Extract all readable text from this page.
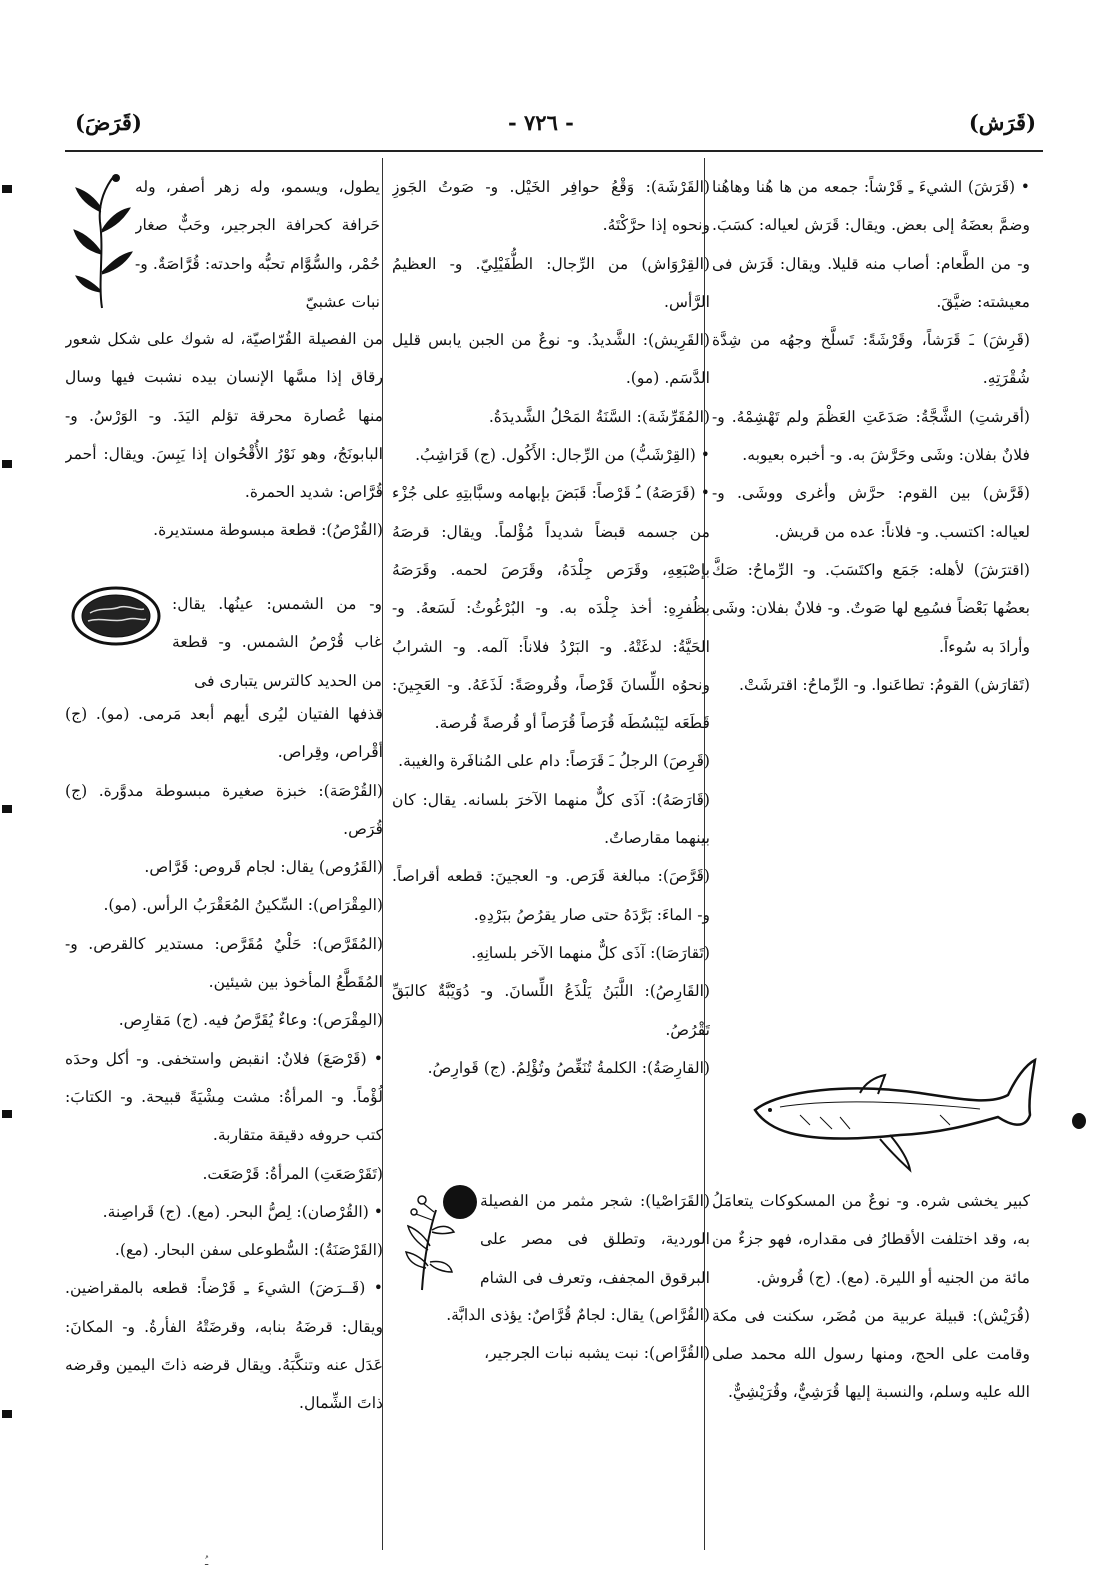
(قَرَش)
- ٧٢٦ -
(قَرَضَ)

• (قَرَشَ) الشيءَ ـِ قَرْشاً: جمعه من ها هُنا وهاهُنا وضمَّ بعضَهُ إلى بعض. ويقال: قَرَش لعياله: كسَبَ. و- من الطَّعام: أصاب منه قليلا. ويقال: قَرَش فى معيشته: ضيَّقَ.

(قَرِشَ) ـَ قَرَشاً، وقَرْشَةً: تَسلَّخ وجهُه من شِدَّة شُقْرَتِهِ.

(أقرشتِ) الشَّجَّةُ: صَدَعَتِ العَظْمَ ولم تَهْشِمْهُ. و- فلانٌ بفلان: وشَى وحَرَّشَ به. و- أخبره بعيوبه.

(قَرَّش) بين القوم: حرَّش وأغرى ووشَى. و- لعياله: اكتسب. و- فلاناً: عده من قريش.

(اقترَشَ) لأهله: جَمَع واكتَسَبَ. و- الرِّماحُ: صَكَّ بعضُها بَعْضاً فسُمِع لها صَوتٌ. و- فلانٌ بفلان: وشَى وأرادَ به سُوءاً.

(تَقارَش) القومُ: تطاعَنوا. و- الرِّماحُ: اقترشَتْ.

كبير يخشى شره. و- نوعٌ من المسكوكات يتعامَلُ به، وقد اختلفت الأقطارُ فى مقداره، فهو جزءٌ من مائة من الجنيه أو الليرة. (مع). (ج) قُروش.

(قُرَيْش): قبيلة عربية من مُضَر، سكنت فى مكة وقامت على الحج، ومنها رسول الله محمد صلى الله عليه وسلم، والنسبة إليها قُرَشِيٌّ، وقُرَيْشِيٌّ.

(القَرْشَة): وَقْعُ حوافِر الخَيْل. و- صَوتُ الجَوزِ ونحوه إذا حرَّكْتَهُ.

(القِرْوَاش) من الرِّجال: الطُّفَيْلِيّ. و- العظيمُ الرَّأس.

(القَرِيش): الشَّديدُ. و- نوعٌ من الجبن يابس قليل الدَّسَم. (مو).

(المُقَرِّشَة): السَّنَةُ المَحْلُ الشَّديدَةُ.

• (القِرْشَبُّ) من الرِّجال: الأَكُول. (ج) قَرَاشِبُ.

• (قَرَصَهُ) ـُ قَرْصاً: قَبَضَ بإبهامه وسبَّابتِهِ على جُزْء من جسمه قبضاً شديداً مُؤْلماً. ويقال: قرصَهُ بإصْبَعِهِ، وقَرَص جِلْدَهُ، وقَرَصَ لحمه. وقَرَصَهُ بظُفرِهِ: أخذ جِلْدَه به. و- البُرْغُوثُ: لَسَعهُ. و- الحَيَّةُ: لدغَتْهُ. و- البَرْدُ فلاناً: آلمه. و- الشرابُ ونحوُه اللِّسانَ قَرْصاً، وقُروصَةً: لَذَعَهُ. و- العَجِينَ: قَطَعَه ليَبْسُطَه قُرَصاً قُرَصاً أو قُرصةً قُرصة.

(قَرِصَ) الرجلُ ـَ قَرَصاً: دام على المُنافَرة والغيبة.

(قَارَصَهُ): آذَى كلٌّ منهما الآخرَ بلسانه. يقال: كان بينهما مقارصاتٌ.

(قَرَّصَ): مبالغة قَرَص. و- العجينَ: قطعه أقراصاً. و- الماءَ: بَرَّدَهُ حتى صار يقرُصُ ببَرْدِهِ.

(تَقارَصَا): آذَى كلٌّ منهما الآخر بلسانِهِ.

(القَارِصُ): اللَّبَنُ يَلْذَعُ اللِّسانَ. و- دُوَيْبَّةٌ كالبَقِّ تَقْرُصُ.

(القارِصَةُ): الكلمةُ تُنَغِّصُ وتُؤْلِمُ. (ج) قَوارِصُ.

(القَرَاصْيا): شجر مثمر من الفصيلة الوردية، وتطلق فى مصر على البرقوق المجفف، وتعرف فى الشام

(القُرَّاص) يقال: لجامٌ قُرَّاصٌ: يؤذى الدابَّة.

(القُرَّاص): نبت يشبه نبات الجرجير،

يطول، ويسمو، وله زهر أصفر، وله حَرافة كحرافة الجرجير، وحَبٌّ صغار حُمْر، والسُّوَّام تحبُّه واحدته: قُرَّاصَةٌ. و- نبات عشبيّ

من الفصيلة القُرّاصيّة، له شوك على شكل شعور رقاق إذا مسَّها الإنسان بيده نشبت فيها وسال منها عُصارة محرقة تؤلم اليَدَ. و- الوَرْسُ. و- البابونَجُ، وهو نَوْرُ الأُقْحُوان إذا يَبِسَ. ويقال: أحمر قُرَّاص: شديد الحمرة.

(القُرْصُ): قطعة مبسوطة مستديرة.

و- من الشمس: عينُها. يقال: غاب قُرْصُ الشمس. و- قطعة من الحديد كالترس يتبارى فى

قذفها الفتيان ليُرى أيهم أبعد مَرمى. (مو). (ج) أقْراص، وقِراص.

(القُرْصَة): خبزة صغيرة مبسوطة مدوَّرة. (ج) قُرَص.

(القَرُوص) يقال: لجام قَروص: قَرَّاص.

(المِقْرَاص): السِّكينُ المُعَقْرَبُ الرأس. (مو).

(المُقَرَّص): حَلْيٌ مُقَرَّص: مستدير كالقرص. و- المُقَطَّعُ المأخوذ بين شيئين.

(المِقْرَص): وعاءٌ يُقَرَّصُ فيه. (ج) مَقارِص.

• (قَرْصَعَ) فلانٌ: انقبض واستخفى. و- أكل وحدَه لُؤْماً. و- المرأةُ: مشت مِشْيَةً قبيحة. و- الكتابَ: كتب حروفه دقيقة متقاربة.

(تَقَرْصَعَتِ) المرأةُ: قَرْصَعَت.

• (القُرْصان): لِصُّ البحر. (مع). (ج) قَراصِنة.

(القَرْصَنَةُ): السُّطوعلى سفن البحار. (مع).

• (قَــرَضَ) الشيءَ ـِ قَرْضاً: قطعه بالمقراضين. ويقال: قرضَهُ بنابه، وقرضَتْهُ الفأرةُ. و- المكانَ: عَدَل عنه وتنكَّبَهُ. ويقال قرضه ذاتَ اليمين وقرضه ذاتَ الشِّمال.

ـُ
